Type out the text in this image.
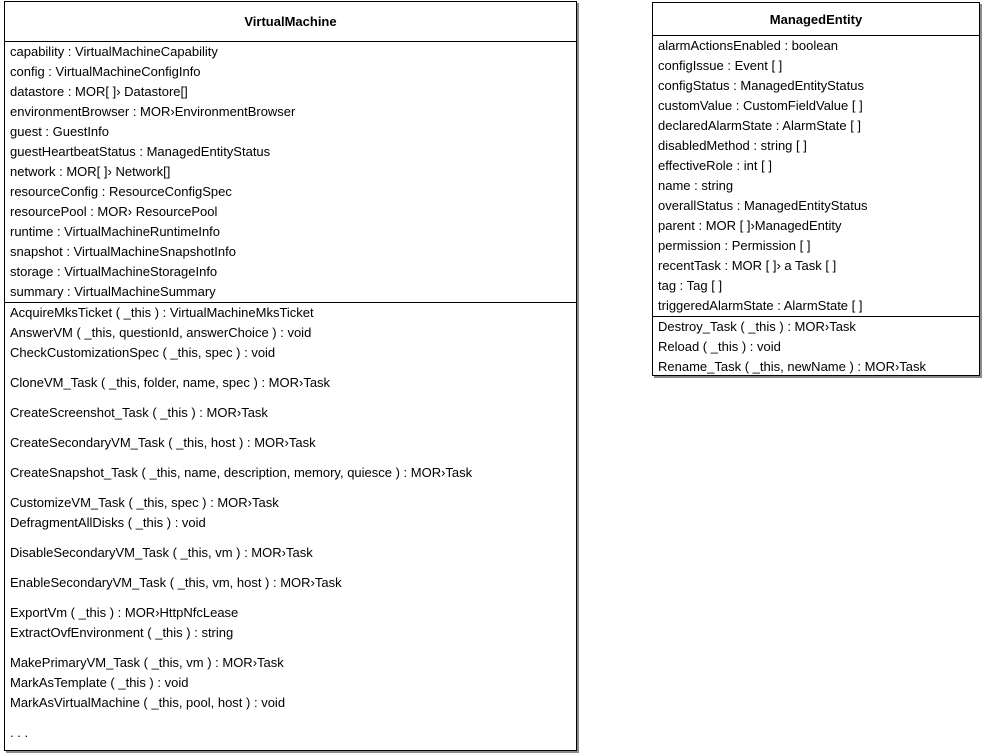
VirtualMachine
capability : VirtualMachineCapability
config : VirtualMachineConfigInfo
datastore : MOR[ ]› Datastore[]
environmentBrowser : MOR›EnvironmentBrowser
guest : GuestInfo
guestHeartbeatStatus : ManagedEntityStatus
network : MOR[ ]› Network[]
resourceConfig : ResourceConfigSpec
resourcePool : MOR› ResourcePool
runtime : VirtualMachineRuntimeInfo
snapshot : VirtualMachineSnapshotInfo
storage : VirtualMachineStorageInfo
summary : VirtualMachineSummary
AcquireMksTicket ( _this ) : VirtualMachineMksTicket
AnswerVM ( _this, questionId, answerChoice ) : void
CheckCustomizationSpec ( _this, spec ) : void
CloneVM_Task ( _this, folder, name, spec ) : MOR›Task
CreateScreenshot_Task ( _this ) : MOR›Task
CreateSecondaryVM_Task ( _this, host ) : MOR›Task
CreateSnapshot_Task ( _this, name, description, memory, quiesce ) : MOR›Task
CustomizeVM_Task ( _this, spec ) : MOR›Task
DefragmentAllDisks ( _this ) : void
DisableSecondaryVM_Task ( _this, vm ) : MOR›Task
EnableSecondaryVM_Task ( _this, vm, host ) : MOR›Task
ExportVm ( _this ) : MOR›HttpNfcLease
ExtractOvfEnvironment ( _this ) : string
MakePrimaryVM_Task ( _this, vm ) : MOR›Task
MarkAsTemplate ( _this ) : void
MarkAsVirtualMachine ( _this, pool, host ) : void
. . .
ManagedEntity
alarmActionsEnabled : boolean
configIssue : Event [ ]
configStatus : ManagedEntityStatus
customValue : CustomFieldValue [ ]
declaredAlarmState : AlarmState [ ]
disabledMethod : string [ ]
effectiveRole : int [ ]
name : string
overallStatus : ManagedEntityStatus
parent : MOR [ ]›ManagedEntity
permission : Permission [ ]
recentTask : MOR [ ]› a Task [ ]
tag : Tag [ ]
triggeredAlarmState : AlarmState [ ]
Destroy_Task ( _this ) : MOR›Task
Reload ( _this ) : void
Rename_Task ( _this, newName ) : MOR›Task
